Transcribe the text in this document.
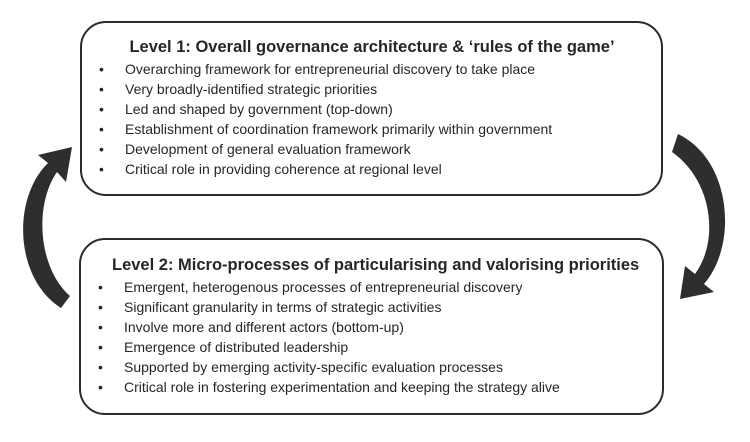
Level 1: Overall governance architecture & ‘rules of the game’
• Overarching framework for entrepreneurial discovery to take place
• Very broadly-identified strategic priorities
• Led and shaped by government (top-down)
• Establishment of coordination framework primarily within government
• Development of general evaluation framework
• Critical role in providing coherence at regional level
Level 2: Micro-processes of particularising and valorising priorities
• Emergent, heterogenous processes of entrepreneurial discovery
• Significant granularity in terms of strategic activities
• Involve more and different actors (bottom-up)
• Emergence of distributed leadership
• Supported by emerging activity-specific evaluation processes
• Critical role in fostering experimentation and keeping the strategy alive
